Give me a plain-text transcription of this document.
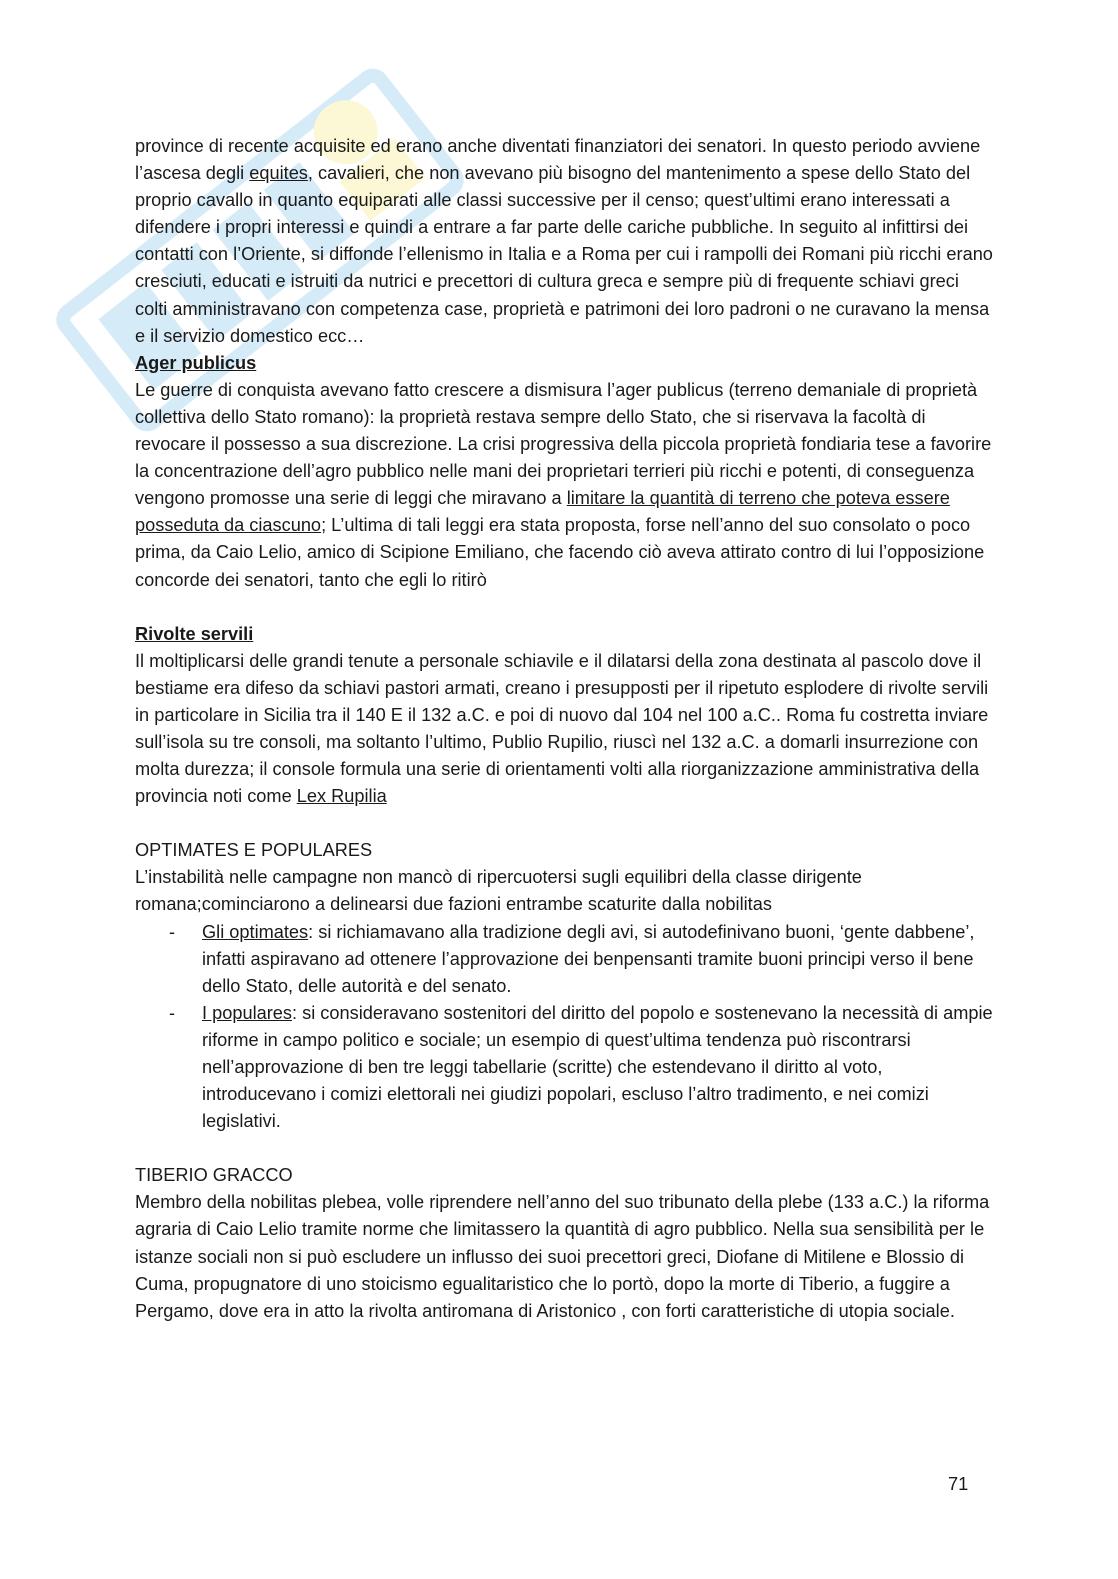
province di recente acquisite ed erano anche diventati finanziatori dei senatori. In questo periodo avviene l’ascesa degli equites, cavalieri, che non avevano più bisogno del mantenimento a spese dello Stato del proprio cavallo in quanto equiparati alle classi successive per il censo; quest’ultimi erano interessati a difendere i propri interessi e quindi a entrare a far parte delle cariche pubbliche. In seguito al infittirsi dei contatti con l’Oriente, si diffonde l’ellenismo in Italia e a Roma per cui i rampolli dei Romani più ricchi erano cresciuti, educati e istruiti da nutrici e precettori di cultura greca e sempre più di frequente schiavi greci colti amministravano con competenza case, proprietà e patrimoni dei loro padroni o ne curavano la mensa e il servizio domestico ecc…

Ager publicus

Le guerre di conquista avevano fatto crescere a dismisura l’ager publicus (terreno demaniale di proprietà collettiva dello Stato romano): la proprietà restava sempre dello Stato, che si riservava la facoltà di revocare il possesso a sua discrezione. La crisi progressiva della piccola proprietà fondiaria tese a favorire la concentrazione dell’agro pubblico nelle mani dei proprietari terrieri più ricchi e potenti, di conseguenza vengono promosse una serie di leggi che miravano a limitare la quantità di terreno che poteva essere posseduta da ciascuno; L’ultima di tali leggi era stata proposta, forse nell’anno del suo consolato o poco prima, da Caio Lelio, amico di Scipione Emiliano, che facendo ciò aveva attirato contro di lui l’opposizione concorde dei senatori, tanto che egli lo ritirò

Rivolte servili

Il moltiplicarsi delle grandi tenute a personale schiavile e il dilatarsi della zona destinata al pascolo dove il bestiame era difeso da schiavi pastori armati, creano i presupposti per il ripetuto esplodere di rivolte servili in particolare in Sicilia tra il 140 E il 132 a.C. e poi di nuovo dal 104 nel 100 a.C.. Roma fu costretta inviare sull’isola su tre consoli, ma soltanto l’ultimo, Publio Rupilio, riuscì nel 132 a.C. a domarli insurrezione con molta durezza; il console formula una serie di orientamenti volti alla riorganizzazione amministrativa della provincia noti come Lex Rupilia

OPTIMATES E POPULARES

L’instabilità nelle campagne non mancò di ripercuotersi sugli equilibri della classe dirigente romana;cominciarono a delinearsi due fazioni entrambe scaturite dalla nobilitas

- Gli optimates: si richiamavano alla tradizione degli avi, si autodefinivano buoni, ‘gente dabbene’, infatti aspiravano ad ottenere l’approvazione dei benpensanti tramite buoni principi verso il bene dello Stato, delle autorità e del senato.
- I populares: si consideravano sostenitori del diritto del popolo e sostenevano la necessità di ampie riforme in campo politico e sociale; un esempio di quest’ultima tendenza può riscontrarsi nell’approvazione di ben tre leggi tabellarie (scritte) che estendevano il diritto al voto, introducevano i comizi elettorali nei giudizi popolari, escluso l’altro tradimento, e nei comizi legislativi.

TIBERIO GRACCO

Membro della nobilitas plebea, volle riprendere nell’anno del suo tribunato della plebe (133 a.C.) la riforma agraria di Caio Lelio tramite norme che limitassero la quantità di agro pubblico. Nella sua sensibilità per le istanze sociali non si può escludere un influsso dei suoi precettori greci, Diofane di Mitilene e Blossio di Cuma, propugnatore di uno stoicismo egualitaristico che lo portò, dopo la morte di Tiberio, a fuggire a Pergamo, dove era in atto la rivolta antiromana di Aristonico , con forti caratteristiche di utopia sociale.

71
